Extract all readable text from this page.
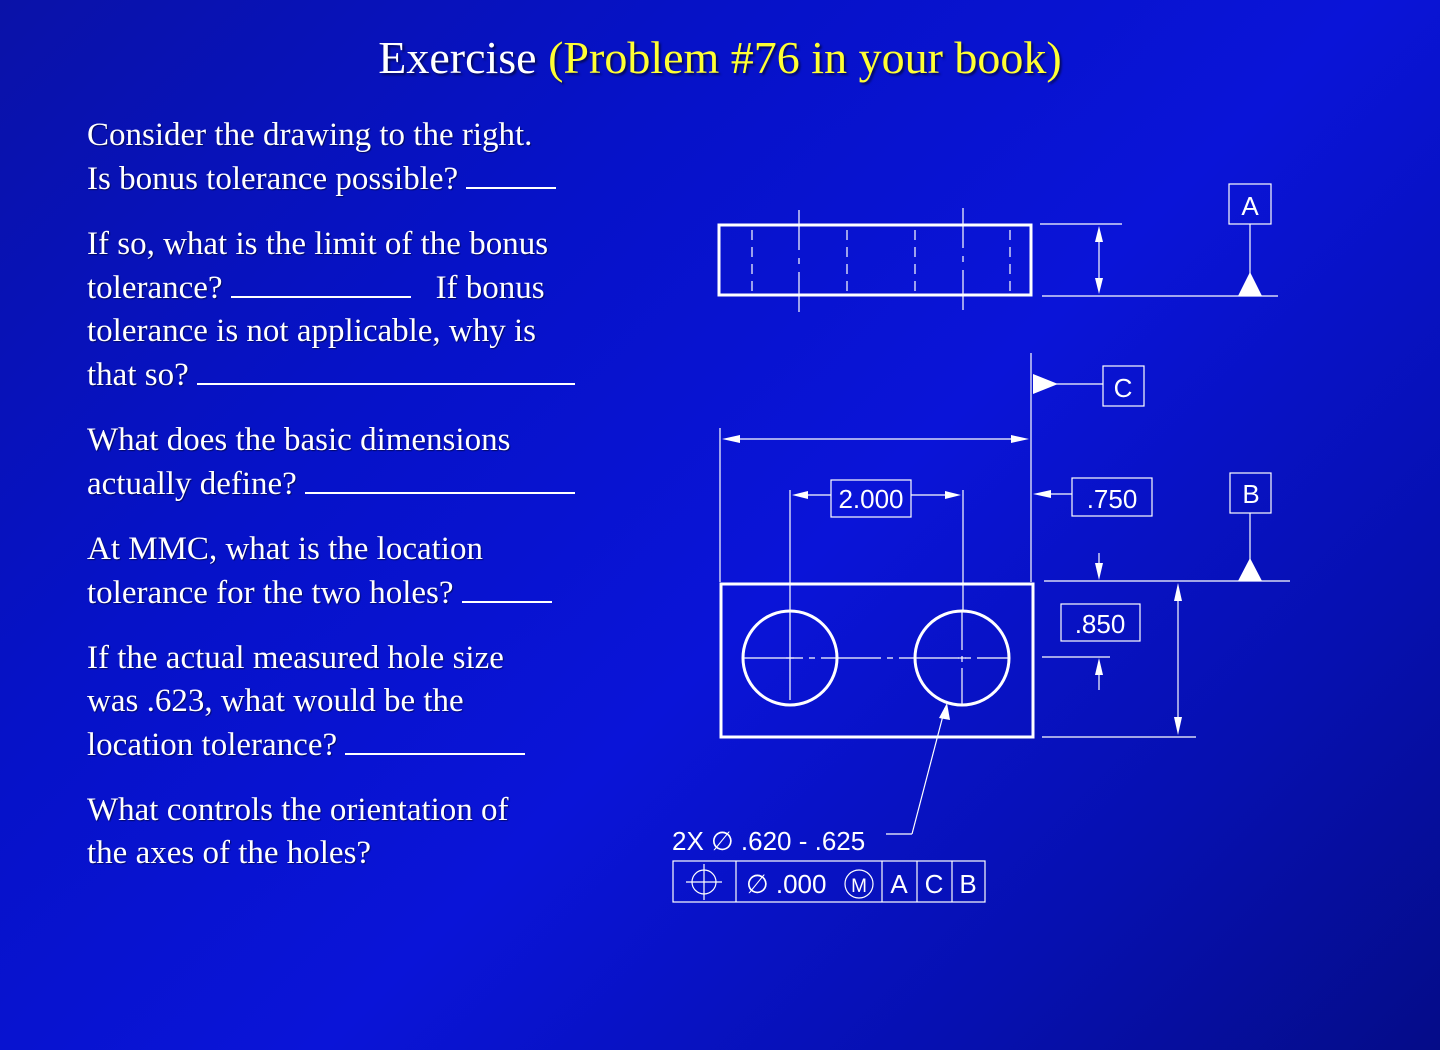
Exercise (Problem #76 in your book)

Consider the drawing to the right.
Is bonus tolerance possible?

If so, what is the limit of the bonus
tolerance?	If bonus
tolerance is not applicable, why is
that so?

What does the basic dimensions
actually define?

At MMC, what is the location
tolerance for the two holes?

If the actual measured hole size
was .623, what would be the
location tolerance?

What controls the orientation of
the axes of the holes?

A
C
2.000	.750
.850
B
2X ∅ .620 - .625
∅ .000 M A C B
